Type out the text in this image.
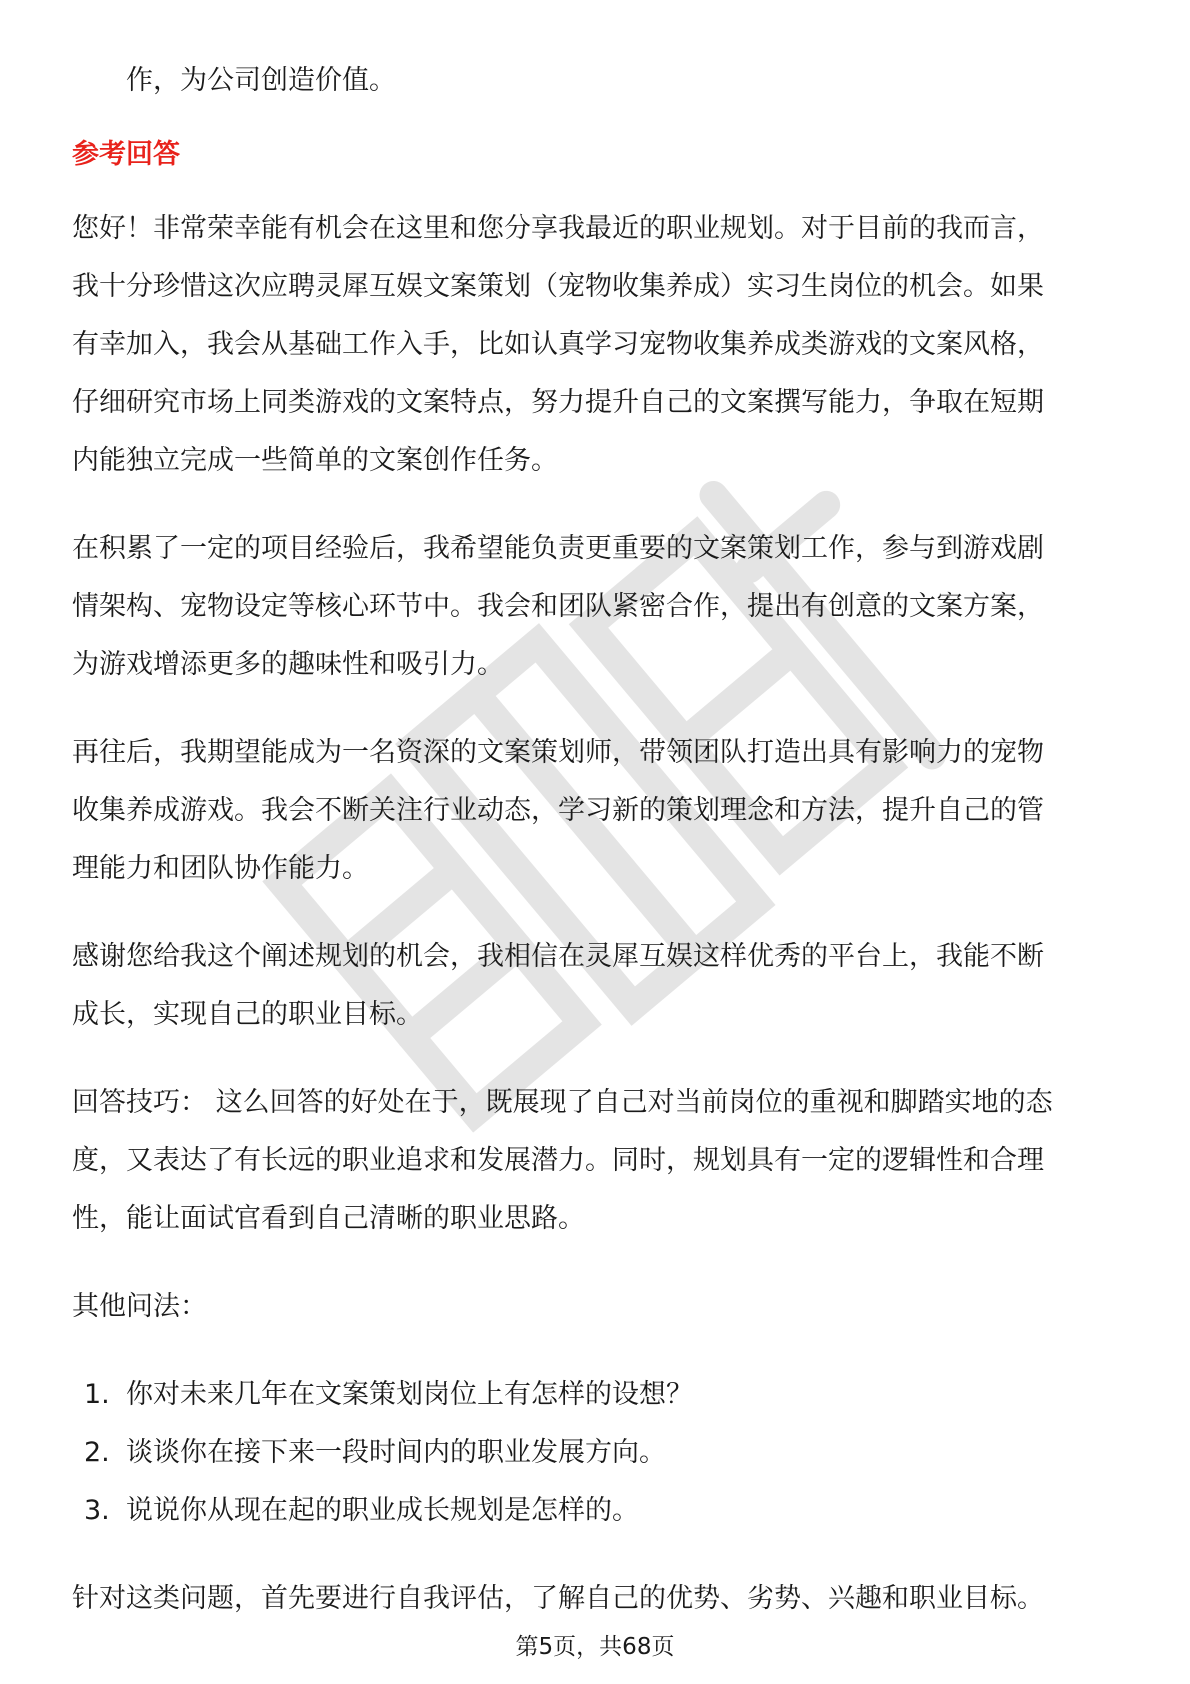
作，为公司创造价值。
参考回答
您好！非常荣幸能有机会在这里和您分享我最近的职业规划。对于目前的我而言，
我十分珍惜这次应聘灵犀互娱文案策划（宠物收集养成）实习生岗位的机会。如果
有幸加入，我会从基础工作入手，比如认真学习宠物收集养成类游戏的文案风格，
仔细研究市场上同类游戏的文案特点，努力提升自己的文案撰写能力，争取在短期
内能独立完成一些简单的文案创作任务。
在积累了一定的项目经验后，我希望能负责更重要的文案策划工作，参与到游戏剧
情架构、宠物设定等核心环节中。我会和团队紧密合作，提出有创意的文案方案，
为游戏增添更多的趣味性和吸引力。
再往后，我期望能成为一名资深的文案策划师，带领团队打造出具有影响力的宠物
收集养成游戏。我会不断关注行业动态，学习新的策划理念和方法，提升自己的管
理能力和团队协作能力。
感谢您给我这个阐述规划的机会，我相信在灵犀互娱这样优秀的平台上，我能不断
成长，实现自己的职业目标。
回答技巧： 这么回答的好处在于，既展现了自己对当前岗位的重视和脚踏实地的态
度，又表达了有长远的职业追求和发展潜力。同时，规划具有一定的逻辑性和合理
性，能让面试官看到自己清晰的职业思路。
其他问法：
1. 你对未来几年在文案策划岗位上有怎样的设想？
2. 谈谈你在接下来一段时间内的职业发展方向。
3. 说说你从现在起的职业成长规划是怎样的。
针对这类问题，首先要进行自我评估，了解自己的优势、劣势、兴趣和职业目标。
第5页，共68页
